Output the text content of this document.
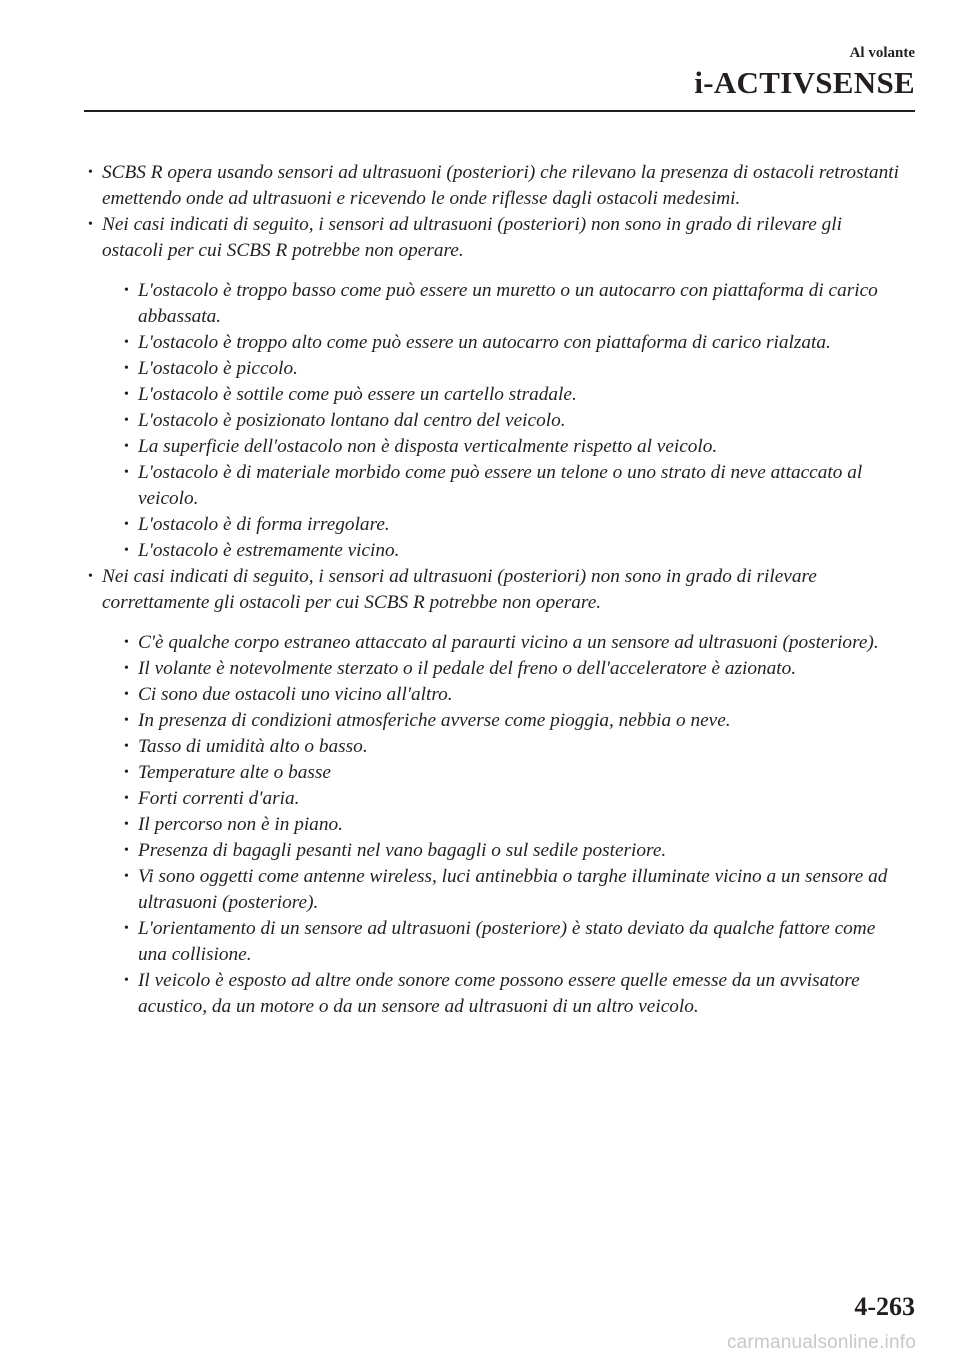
Al volante
i-ACTIVSENSE
• SCBS R opera usando sensori ad ultrasuoni (posteriori) che rilevano la presenza di ostacoli retrostanti emettendo onde ad ultrasuoni e ricevendo le onde riflesse dagli ostacoli medesimi.
• Nei casi indicati di seguito, i sensori ad ultrasuoni (posteriori) non sono in grado di rilevare gli ostacoli per cui SCBS R potrebbe non operare.
• L'ostacolo è troppo basso come può essere un muretto o un autocarro con piattaforma di carico abbassata.
• L'ostacolo è troppo alto come può essere un autocarro con piattaforma di carico rialzata.
• L'ostacolo è piccolo.
• L'ostacolo è sottile come può essere un cartello stradale.
• L'ostacolo è posizionato lontano dal centro del veicolo.
• La superficie dell'ostacolo non è disposta verticalmente rispetto al veicolo.
• L'ostacolo è di materiale morbido come può essere un telone o uno strato di neve attaccato al veicolo.
• L'ostacolo è di forma irregolare.
• L'ostacolo è estremamente vicino.
• Nei casi indicati di seguito, i sensori ad ultrasuoni (posteriori) non sono in grado di rilevare correttamente gli ostacoli per cui SCBS R potrebbe non operare.
• C'è qualche corpo estraneo attaccato al paraurti vicino a un sensore ad ultrasuoni (posteriore).
• Il volante è notevolmente sterzato o il pedale del freno o dell'acceleratore è azionato.
• Ci sono due ostacoli uno vicino all'altro.
• In presenza di condizioni atmosferiche avverse come pioggia, nebbia o neve.
• Tasso di umidità alto o basso.
• Temperature alte o basse
• Forti correnti d'aria.
• Il percorso non è in piano.
• Presenza di bagagli pesanti nel vano bagagli o sul sedile posteriore.
• Vi sono oggetti come antenne wireless, luci antinebbia o targhe illuminate vicino a un sensore ad ultrasuoni (posteriore).
• L'orientamento di un sensore ad ultrasuoni (posteriore) è stato deviato da qualche fattore come una collisione.
• Il veicolo è esposto ad altre onde sonore come possono essere quelle emesse da un avvisatore acustico, da un motore o da un sensore ad ultrasuoni di un altro veicolo.
4-263
carmanualsonline.info
